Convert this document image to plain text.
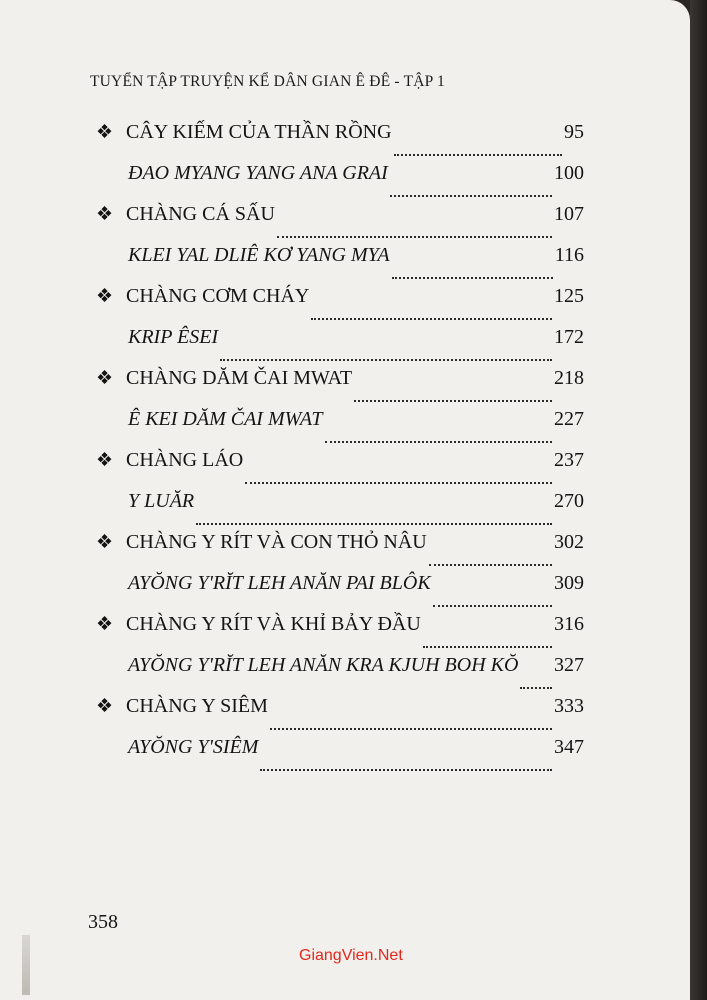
TUYỂN TẬP TRUYỆN KỂ DÂN GIAN Ê ĐÊ - TẬP 1
❖ CÂY KIẾM CỦA THẦN RỒNG	95
ĐAO MYANG YANG ANA GRAI	100
❖ CHÀNG CÁ SẤU	107
KLEI YAL DLIÊ KƠ YANG MYA	116
❖ CHÀNG CƠM CHÁY	125
KRIP ÊSEI	172
❖ CHÀNG DĂM ČAI MWAT	218
Ê KEI DĂM ČAI MWAT	227
❖ CHÀNG LÁO	237
Y LUĂR	270
❖ CHÀNG Y RÍT VÀ CON THỎ NÂU	302
AYŎNG Y'RĬT LEH ANĂN PAI BLÔK	309
❖ CHÀNG Y RÍT VÀ KHỈ BẢY ĐẦU	316
AYŎNG Y'RĬT LEH ANĂN KRA KJUH BOH KŎ 327
❖ CHÀNG Y SIÊM	333
AYŎNG Y'SIÊM	347
358
GiangVien.Net
